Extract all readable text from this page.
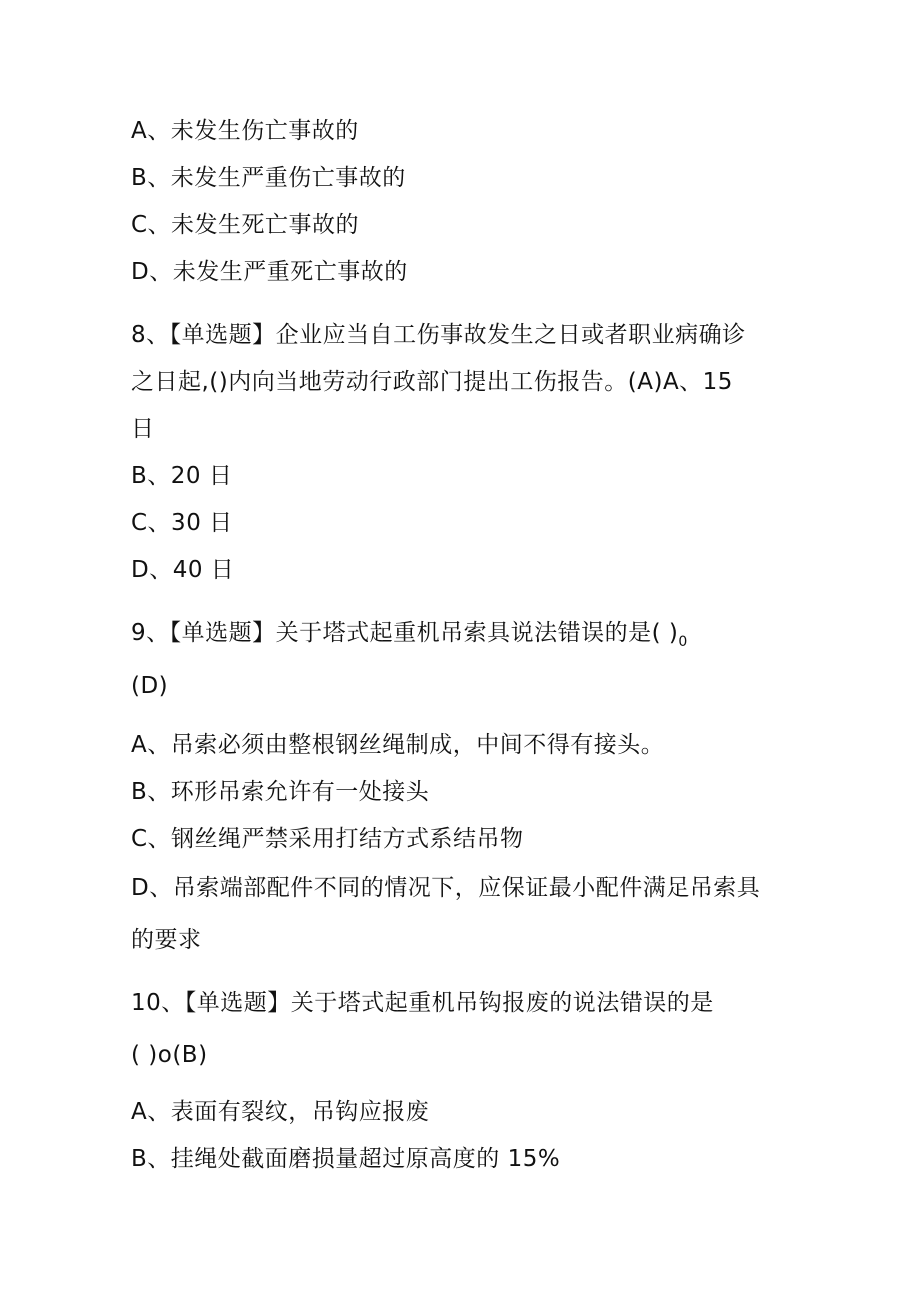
A、未发生伤亡事故的
B、未发生严重伤亡事故的
C、未发生死亡事故的
D、未发生严重死亡事故的
8、【单选题】企业应当自工伤事故发生之日或者职业病确诊
之日起,()内向当地劳动行政部门提出工伤报告。(A)A、15
日
B、20 日
C、30 日
D、40 日
9、【单选题】关于塔式起重机吊索具说法错误的是( )$_0$
(D)
A、吊索必须由整根钢丝绳制成，中间不得有接头。
B、环形吊索允许有一处接头
C、钢丝绳严禁采用打结方式系结吊物
D、吊索端部配件不同的情况下，应保证最小配件满足吊索具
的要求
10、【单选题】关于塔式起重机吊钩报废的说法错误的是
( )o(B)
A、表面有裂纹，吊钩应报废
B、挂绳处截面磨损量超过原高度的 15%
